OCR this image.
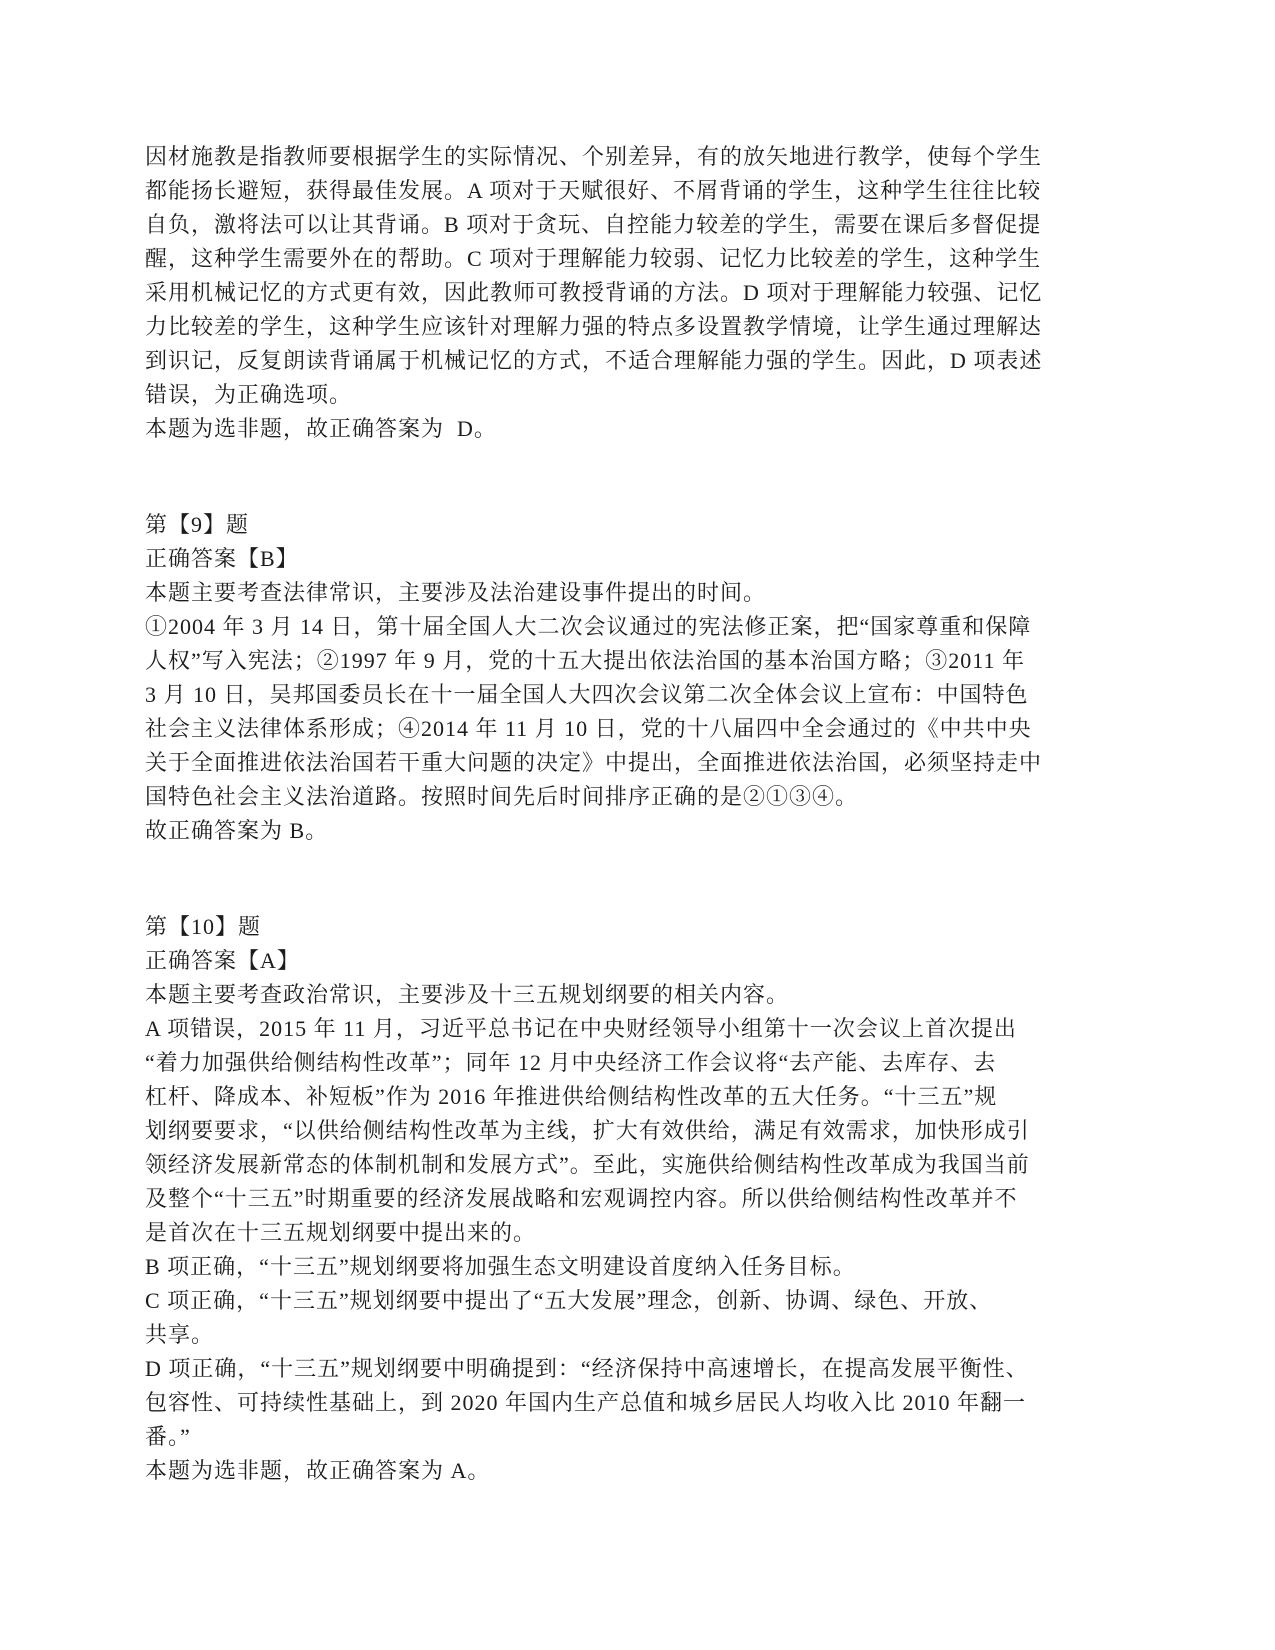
因材施教是指教师要根据学生的实际情况、个别差异，有的放矢地进行教学，使每个学生
都能扬长避短，获得最佳发展。A 项对于天赋很好、不屑背诵的学生，这种学生往往比较
自负，激将法可以让其背诵。B 项对于贪玩、自控能力较差的学生，需要在课后多督促提
醒，这种学生需要外在的帮助。C 项对于理解能力较弱、记忆力比较差的学生，这种学生
采用机械记忆的方式更有效，因此教师可教授背诵的方法。D 项对于理解能力较强、记忆
力比较差的学生，这种学生应该针对理解力强的特点多设置教学情境，让学生通过理解达
到识记，反复朗读背诵属于机械记忆的方式，不适合理解能力强的学生。因此，D 项表述
错误，为正确选项。
本题为选非题，故正确答案为  D。
第【9】题
正确答案【B】
本题主要考查法律常识，主要涉及法治建设事件提出的时间。
①2004 年 3 月 14 日，第十届全国人大二次会议通过的宪法修正案，把“国家尊重和保障
人权”写入宪法；②1997 年 9 月，党的十五大提出依法治国的基本治国方略；③2011 年
3 月 10 日，吴邦国委员长在十一届全国人大四次会议第二次全体会议上宣布：中国特色
社会主义法律体系形成；④2014 年 11 月 10 日，党的十八届四中全会通过的《中共中央
关于全面推进依法治国若干重大问题的决定》中提出，全面推进依法治国，必须坚持走中
国特色社会主义法治道路。按照时间先后时间排序正确的是②①③④。
故正确答案为 B。
第【10】题
正确答案【A】
本题主要考查政治常识，主要涉及十三五规划纲要的相关内容。
A 项错误，2015 年 11 月，习近平总书记在中央财经领导小组第十一次会议上首次提出
“着力加强供给侧结构性改革”；同年 12 月中央经济工作会议将“去产能、去库存、去
杠杆、降成本、补短板”作为 2016 年推进供给侧结构性改革的五大任务。“十三五”规
划纲要要求，“以供给侧结构性改革为主线，扩大有效供给，满足有效需求，加快形成引
领经济发展新常态的体制机制和发展方式”。至此，实施供给侧结构性改革成为我国当前
及整个“十三五”时期重要的经济发展战略和宏观调控内容。所以供给侧结构性改革并不
是首次在十三五规划纲要中提出来的。
B 项正确，“十三五”规划纲要将加强生态文明建设首度纳入任务目标。
C 项正确，“十三五”规划纲要中提出了“五大发展”理念，创新、协调、绿色、开放、
共享。
D 项正确，“十三五”规划纲要中明确提到：“经济保持中高速增长，在提高发展平衡性、
包容性、可持续性基础上，到 2020 年国内生产总值和城乡居民人均收入比 2010 年翻一
番。”
本题为选非题，故正确答案为 A。
